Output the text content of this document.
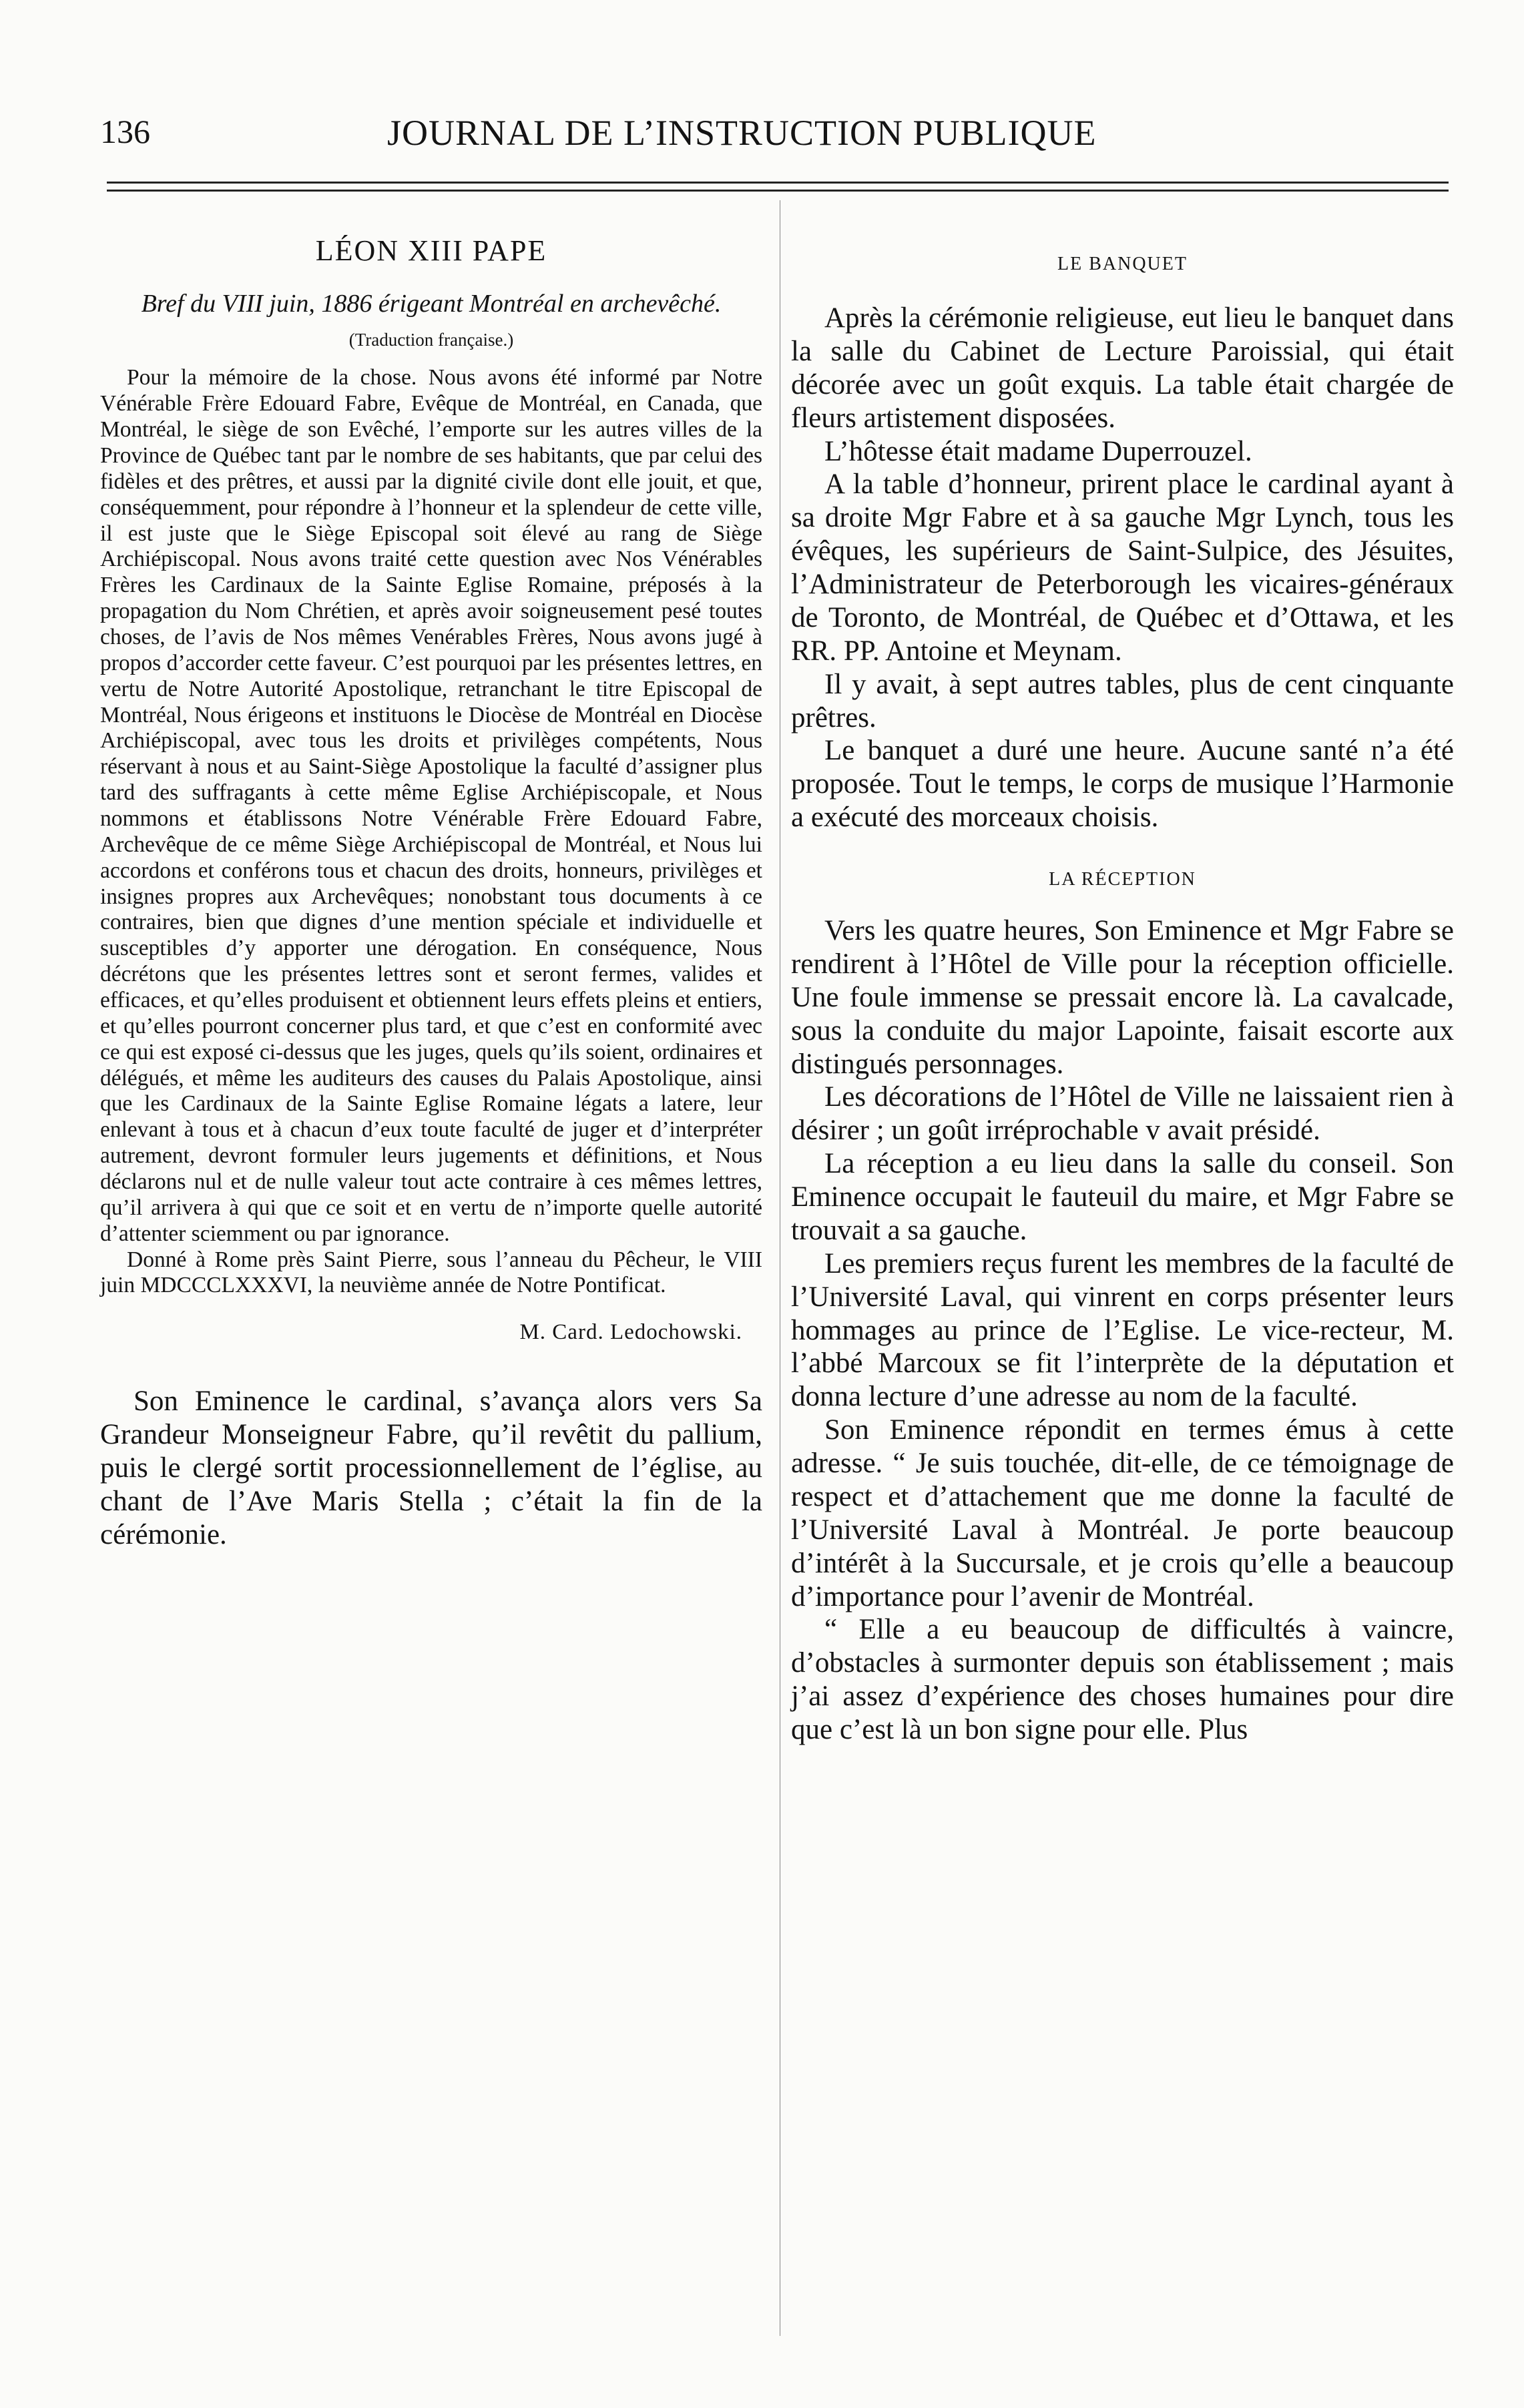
136	JOURNAL DE L’INSTRUCTION PUBLIQUE
LÉON XIII PAPE
Bref du VIII juin, 1886 érigeant Montréal en archevêché.
(Traduction française.)

Pour la mémoire de la chose. Nous avons été informé par Notre Vénérable Frère Edouard Fabre, Evêque de Montréal, en Canada, que Montréal, le siège de son Evêché, l’emporte sur les autres villes de la Province de Québec tant par le nombre de ses habitants, que par celui des fidèles et des prêtres, et aussi par la dignité civile dont elle jouit, et que, conséquemment, pour répondre à l’honneur et la splendeur de cette ville, il est juste que le Siège Episcopal soit élevé au rang de Siège Archiépiscopal. Nous avons traité cette question avec Nos Vénérables Frères les Cardinaux de la Sainte Eglise Romaine, préposés à la propagation du Nom Chrétien, et après avoir soigneusement pesé toutes choses, de l’avis de Nos mêmes Venérables Frères, Nous avons jugé à propos d’accorder cette faveur. C’est pourquoi par les présentes lettres, en vertu de Notre Autorité Apostolique, retranchant le titre Episcopal de Montréal, Nous érigeons et instituons le Diocèse de Montréal en Diocèse Archiépiscopal, avec tous les droits et privilèges compétents, Nous réservant à nous et au Saint-Siège Apostolique la faculté d’assigner plus tard des suffragants à cette même Eglise Archiépiscopale, et Nous nommons et établissons Notre Vénérable Frère Edouard Fabre, Archevêque de ce même Siège Archiépiscopal de Montréal, et Nous lui accordons et conférons tous et chacun des droits, honneurs, privilèges et insignes propres aux Archevêques; nonobstant tous documents à ce contraires, bien que dignes d’une mention spéciale et individuelle et susceptibles d’y apporter une dérogation. En conséquence, Nous décrétons que les présentes lettres sont et seront fermes, valides et efficaces, et qu’elles produisent et obtiennent leurs effets pleins et entiers, et qu’elles pourront concerner plus tard, et que c’est en conformité avec ce qui est exposé ci-dessus que les juges, quels qu’ils soient, ordinaires et délégués, et même les auditeurs des causes du Palais Apostolique, ainsi que les Cardinaux de la Sainte Eglise Romaine légats a latere, leur enlevant à tous et à chacun d’eux toute faculté de juger et d’interpréter autrement, devront formuler leurs jugements et définitions, et Nous déclarons nul et de nulle valeur tout acte contraire à ces mêmes lettres, qu’il arrivera à qui que ce soit et en vertu de n’importe quelle autorité d’attenter sciemment ou par ignorance.

Donné à Rome près Saint Pierre, sous l’anneau du Pêcheur, le VIII juin MDCCCLXXXVI, la neuvième année de Notre Pontificat.

M. Card. Ledochowski.

Son Eminence le cardinal, s’avança alors vers Sa Grandeur Monseigneur Fabre, qu’il revêtit du pallium, puis le clergé sortit processionnellement de l’église, au chant de l’Ave Maris Stella ; c’était la fin de la cérémonie.

LE BANQUET

Après la cérémonie religieuse, eut lieu le banquet dans la salle du Cabinet de Lecture Paroissial, qui était décorée avec un goût exquis. La table était chargée de fleurs artistement disposées.

L’hôtesse était madame Duperrouzel.

A la table d’honneur, prirent place le cardinal ayant à sa droite Mgr Fabre et à sa gauche Mgr Lynch, tous les évêques, les supérieurs de Saint-Sulpice, des Jésuites, l’Administrateur de Peterborough les vicaires-généraux de Toronto, de Montréal, de Québec et d’Ottawa, et les RR. PP. Antoine et Meynam.

Il y avait, à sept autres tables, plus de cent cinquante prêtres.

Le banquet a duré une heure. Aucune santé n’a été proposée. Tout le temps, le corps de musique l’Harmonie a exécuté des morceaux choisis.

LA RÉCEPTION

Vers les quatre heures, Son Eminence et Mgr Fabre se rendirent à l’Hôtel de Ville pour la réception officielle. Une foule immense se pressait encore là. La cavalcade, sous la conduite du major Lapointe, faisait escorte aux distingués personnages.

Les décorations de l’Hôtel de Ville ne laissaient rien à désirer ; un goût irréprochable v avait présidé.

La réception a eu lieu dans la salle du conseil. Son Eminence occupait le fauteuil du maire, et Mgr Fabre se trouvait a sa gauche.

Les premiers reçus furent les membres de la faculté de l’Université Laval, qui vinrent en corps présenter leurs hommages au prince de l’Eglise. Le vice-recteur, M. l’abbé Marcoux se fit l’interprète de la députation et donna lecture d’une adresse au nom de la faculté.

Son Eminence répondit en termes émus à cette adresse. “ Je suis touchée, dit-elle, de ce témoignage de respect et d’attachement que me donne la faculté de l’Université Laval à Montréal. Je porte beaucoup d’intérêt à la Succursale, et je crois qu’elle a beaucoup d’importance pour l’avenir de Montréal.

“ Elle a eu beaucoup de difficultés à vaincre, d’obstacles à surmonter depuis son établissement ; mais j’ai assez d’expérience des choses humaines pour dire que c’est là un bon signe pour elle. Plus
